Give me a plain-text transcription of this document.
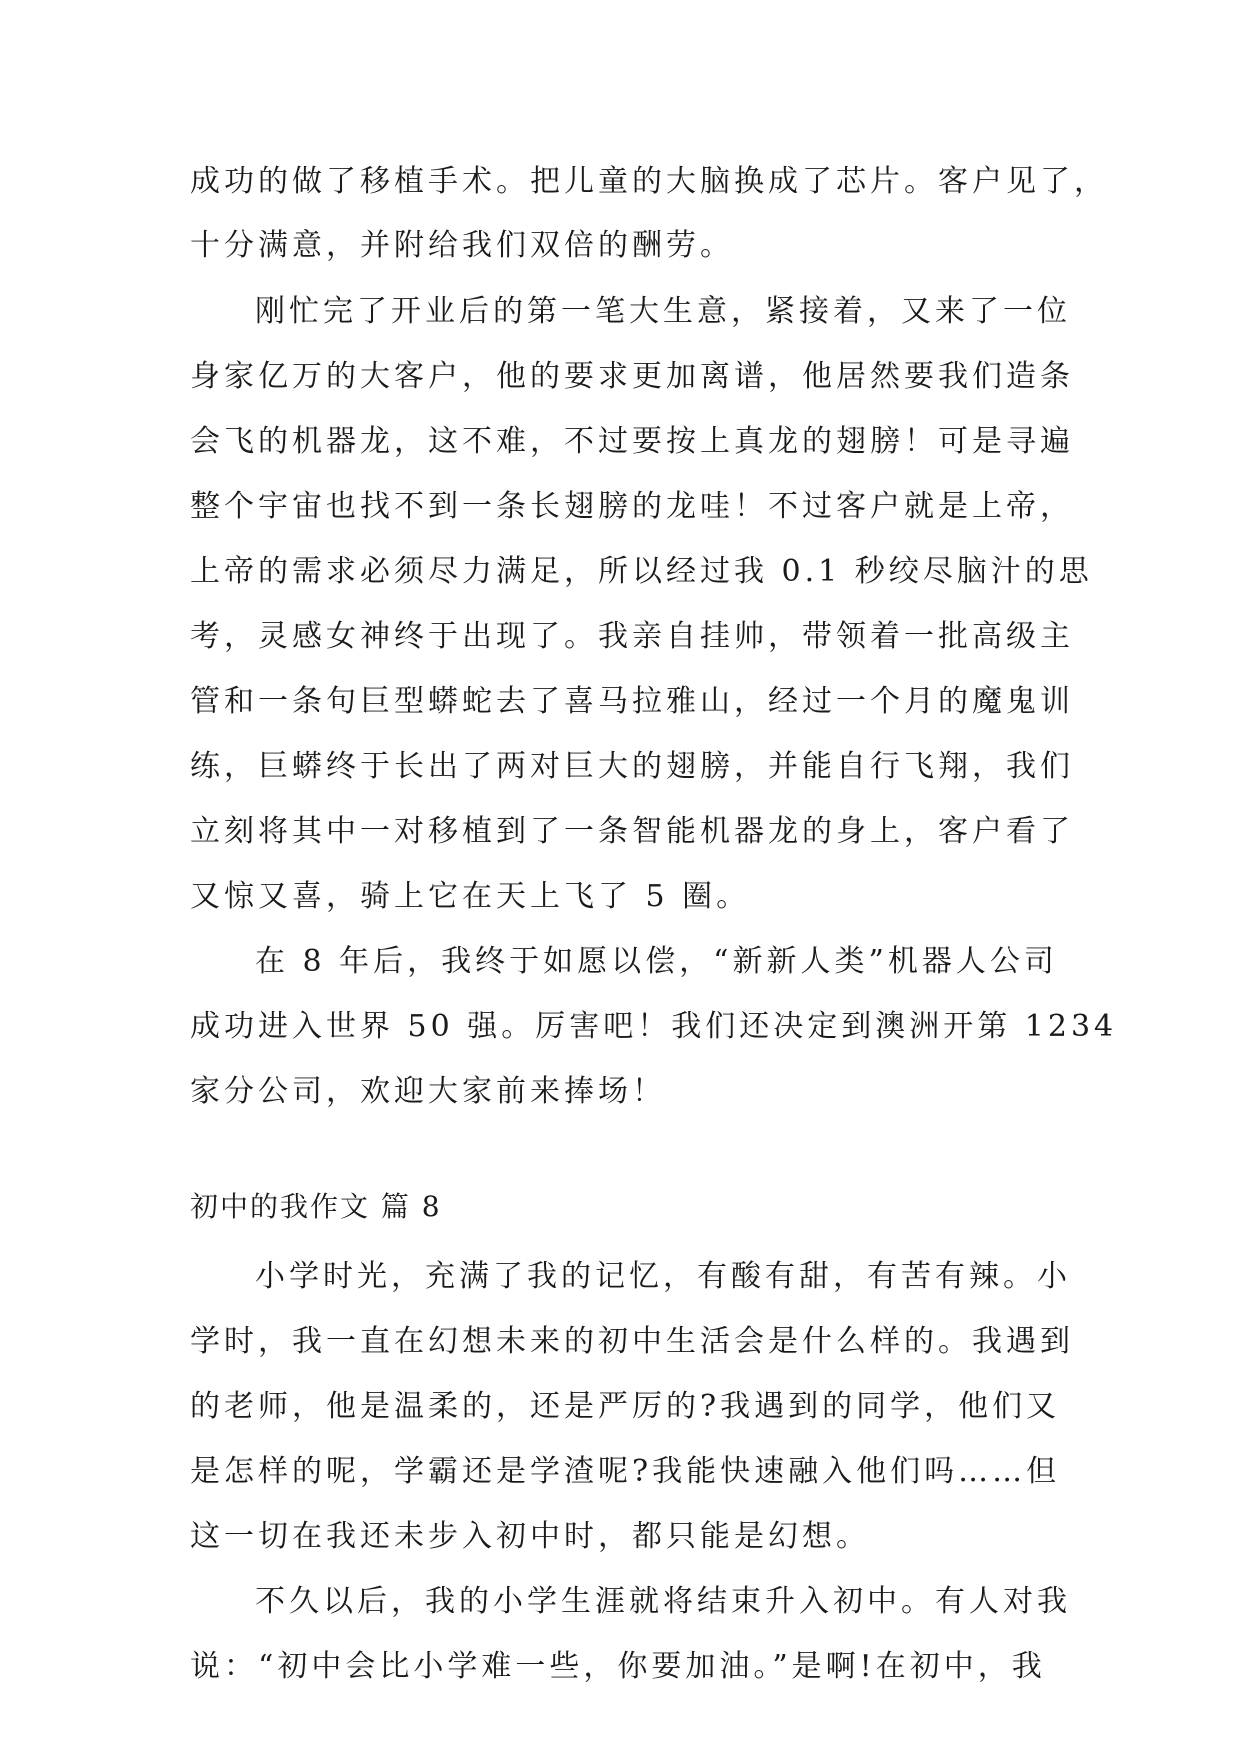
成功的做了移植手术。把儿童的大脑换成了芯片。客户见了，

十分满意，并附给我们双倍的酬劳。

刚忙完了开业后的第一笔大生意，紧接着，又来了一位

身家亿万的大客户，他的要求更加离谱，他居然要我们造条

会飞的机器龙，这不难，不过要按上真龙的翅膀！可是寻遍

整个宇宙也找不到一条长翅膀的龙哇！不过客户就是上帝，

上帝的需求必须尽力满足，所以经过我 0.1 秒绞尽脑汁的思

考，灵感女神终于出现了。我亲自挂帅，带领着一批高级主

管和一条句巨型蟒蛇去了喜马拉雅山，经过一个月的魔鬼训

练，巨蟒终于长出了两对巨大的翅膀，并能自行飞翔，我们

立刻将其中一对移植到了一条智能机器龙的身上，客户看了

又惊又喜，骑上它在天上飞了 5 圈。

在 8 年后，我终于如愿以偿，“新新人类”机器人公司

成功进入世界 50 强。厉害吧！我们还决定到澳洲开第 1234

家分公司，欢迎大家前来捧场！

初中的我作文 篇 8

小学时光，充满了我的记忆，有酸有甜，有苦有辣。小

学时，我一直在幻想未来的初中生活会是什么样的。我遇到

的老师，他是温柔的，还是严厉的?我遇到的同学，他们又

是怎样的呢，学霸还是学渣呢?我能快速融入他们吗……但

这一切在我还未步入初中时，都只能是幻想。

不久以后，我的小学生涯就将结束升入初中。有人对我

说：“初中会比小学难一些，你要加油。”是啊!在初中，我
